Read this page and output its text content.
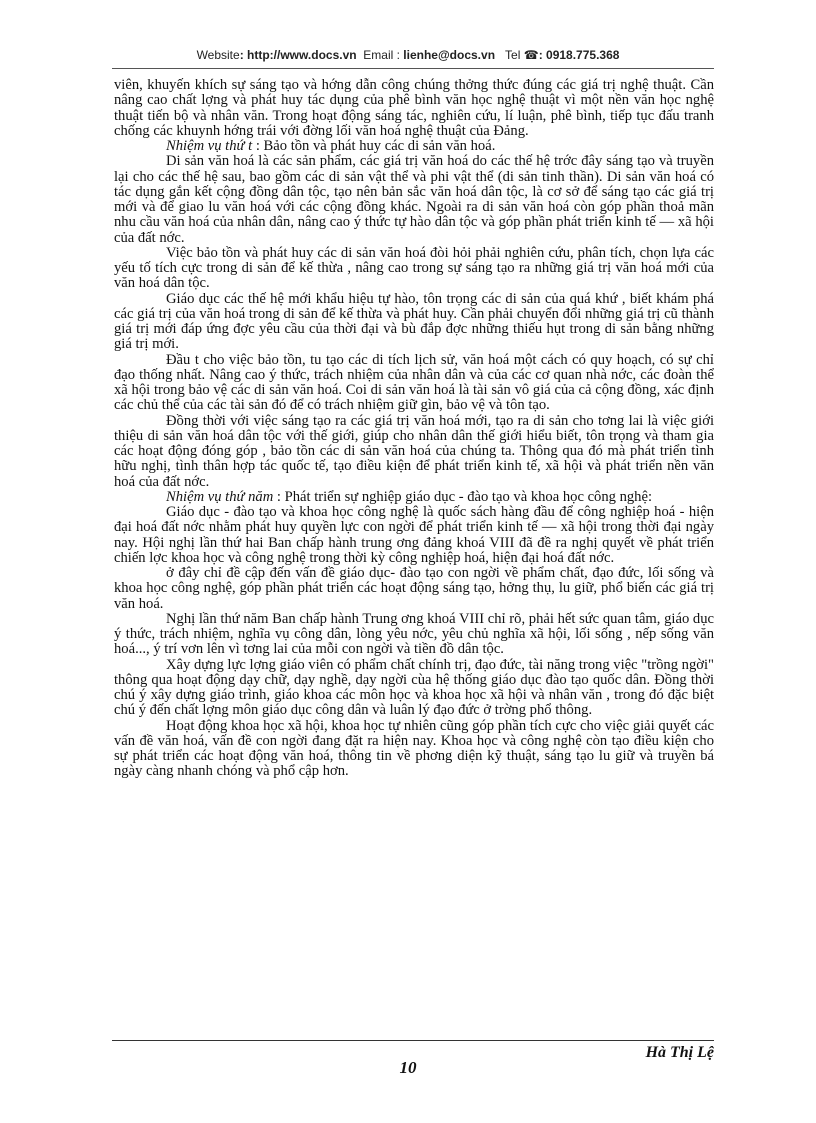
Website: http://www.docs.vn Email : lienhe@docs.vn Tel ☎: 0918.775.368

viên, khuyến khích sự sáng tạo và hớng dẫn công chúng thởng thức đúng các giá trị nghệ thuật. Cần nâng cao chất lợng và phát huy tác dụng của phê bình văn học nghệ thuật vì một nền văn học nghệ thuật tiến bộ và nhân văn. Trong hoạt động sáng tác, nghiên cứu, lí luận, phê bình, tiếp tục đấu tranh chống các khuynh hớng trái với đờng lối văn hoá nghệ thuật của Đảng.

Nhiệm vụ thứ t : Bảo tồn và phát huy các di sản văn hoá.

Di sản văn hoá là các sản phẩm, các giá trị văn hoá do các thế hệ trớc đây sáng tạo và truyền lại cho các thế hệ sau, bao gồm các di sản vật thể và phi vật thể (di sản tinh thần). Di sản văn hoá có tác dụng gắn kết cộng đồng dân tộc, tạo nên bản sắc văn hoá dân tộc, là cơ sở để sáng tạo các giá trị mới và để giao lu văn hoá với các cộng đồng khác. Ngoài ra di sản văn hoá còn góp phần thoả mãn nhu cầu văn hoá của nhân dân, nâng cao ý thức tự hào dân tộc và góp phần phát triển kinh tế — xã hội của đất nớc.

Việc bảo tồn và phát huy các di sản văn hoá đòi hỏi phải nghiên cứu, phân tích, chọn lựa các yếu tố tích cực trong di sản để kế thừa , nâng cao trong sự sáng tạo ra những giá trị văn hoá mới của văn hoá dân tộc.

Giáo dục các thế hệ mới khẩu hiệu tự hào, tôn trọng các di sản của quá khứ , biết khám phá các giá trị của văn hoá trong di sản để kế thừa và phát huy. Cần phải chuyển đổi những giá trị cũ thành giá trị mới đáp ứng đợc yêu cầu của thời đại và bù đắp đợc những thiếu hụt trong di sản bằng những giá trị mới.

Đầu t cho việc bảo tồn, tu tạo các di tích lịch sử, văn hoá một cách có quy hoạch, có sự chỉ đạo thống nhất. Nâng cao ý thức, trách nhiệm của nhân dân và của các cơ quan nhà nớc, các đoàn thể xã hội trong bảo vệ các di sản văn hoá. Coi di sản văn hoá là tài sản vô giá của cả cộng đồng, xác định các chủ thể của các tài sản đó để có trách nhiệm giữ gìn, bảo vệ và tôn tạo.

Đồng thời với việc sáng tạo ra các giá trị văn hoá mới, tạo ra di sản cho tơng lai là việc giới thiệu di sản văn hoá dân tộc với thế giới, giúp cho nhân dân thế giới hiểu biết, tôn trọng và tham gia các hoạt động đóng góp , bảo tồn các di sản văn hoá của chúng ta. Thông qua đó mà phát triển tình hữu nghị, tình thân hợp tác quốc tế, tạo điều kiện để phát triển kinh tế, xã hội và phát triển nền văn hoá của đất nớc.

Nhiệm vụ thứ năm : Phát triển sự nghiệp giáo dục - đào tạo và khoa học công nghệ:

Giáo dục - đào tạo và khoa học công nghệ là quốc sách hàng đầu để công nghiệp hoá - hiện đại hoá đất nớc nhằm phát huy quyền lực con ngời để phát triển kinh tế — xã hội trong thời đại ngày nay. Hội nghị lần thứ hai Ban chấp hành trung ơng đảng khoá VIII đã đề ra nghị quyết về phát triển chiến lợc khoa học và công nghệ trong thời kỳ công nghiệp hoá, hiện đại hoá đất nớc.

ở đây chỉ đề cập đến vấn đề giáo dục- đào tạo con ngời về phẩm chất, đạo đức, lối sống và khoa học công nghệ, góp phần phát triển các hoạt động sáng tạo, hởng thụ, lu giữ, phổ biến các giá trị văn hoá.

Nghị lần thứ năm Ban chấp hành Trung ơng khoá VIII chỉ rõ, phải hết sức quan tâm, giáo dục ý thức, trách nhiệm, nghĩa vụ công dân, lòng yêu nớc, yêu chủ nghĩa xã hội, lối sống , nếp sống văn hoá..., ý trí vơn lên vì tơng lai của mỗi con ngời và tiền đồ dân tộc.

Xây dựng lực lợng giáo viên có phẩm chất chính trị, đạo đức, tài năng trong việc "trồng ngời" thông qua hoạt động dạy chữ, dạy nghề, dạy ngời cùa hệ thống giáo dục đào tạo quốc dân. Đồng thời chú ý xây dựng giáo trình, giáo khoa các môn học và khoa học xã hội và nhân văn , trong đó đặc biệt chú ý đến chất lợng môn giáo dục công dân và luân lý đạo đức ở trờng phổ thông.

Hoạt động khoa học xã hội, khoa học tự nhiên cũng góp phần tích cực cho việc giải quyết các vấn đề văn hoá, vấn đề con ngời đang đặt ra hiện nay. Khoa học và công nghệ còn tạo điều kiện cho sự phát triển các hoạt động văn hoá, thông tin về phơng diện kỹ thuật, sáng tạo lu giữ và truyền bá ngày càng nhanh chóng và phổ cập hơn.

Hà Thị Lệ
10
